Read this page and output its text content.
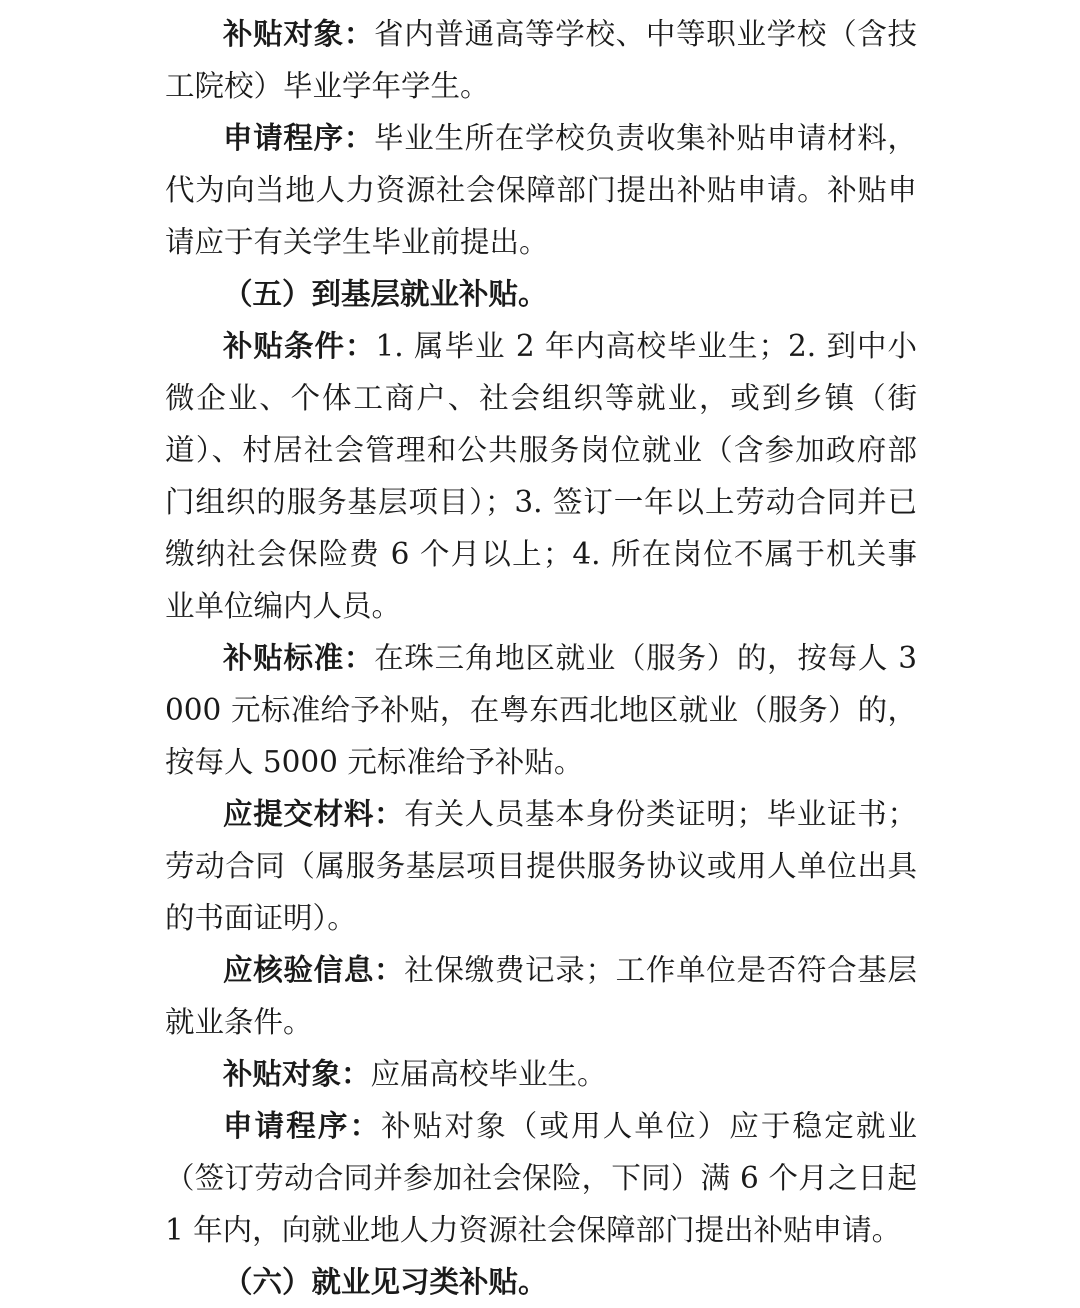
补贴对象：省内普通高等学校、中等职业学校（含技工院校）毕业学年学生。

申请程序：毕业生所在学校负责收集补贴申请材料，代为向当地人力资源社会保障部门提出补贴申请。补贴申请应于有关学生毕业前提出。

（五）到基层就业补贴。

补贴条件：1. 属毕业 2 年内高校毕业生；2. 到中小微企业、个体工商户、社会组织等就业，或到乡镇（街道）、村居社会管理和公共服务岗位就业（含参加政府部门组织的服务基层项目）；3. 签订一年以上劳动合同并已缴纳社会保险费 6 个月以上；4. 所在岗位不属于机关事业单位编内人员。

补贴标准：在珠三角地区就业（服务）的，按每人 3000 元标准给予补贴，在粤东西北地区就业（服务）的，按每人 5000 元标准给予补贴。

应提交材料：有关人员基本身份类证明；毕业证书；劳动合同（属服务基层项目提供服务协议或用人单位出具的书面证明）。

应核验信息：社保缴费记录；工作单位是否符合基层就业条件。

补贴对象：应届高校毕业生。

申请程序：补贴对象（或用人单位）应于稳定就业（签订劳动合同并参加社会保险，下同）满 6 个月之日起 1 年内，向就业地人力资源社会保障部门提出补贴申请。

（六）就业见习类补贴。
